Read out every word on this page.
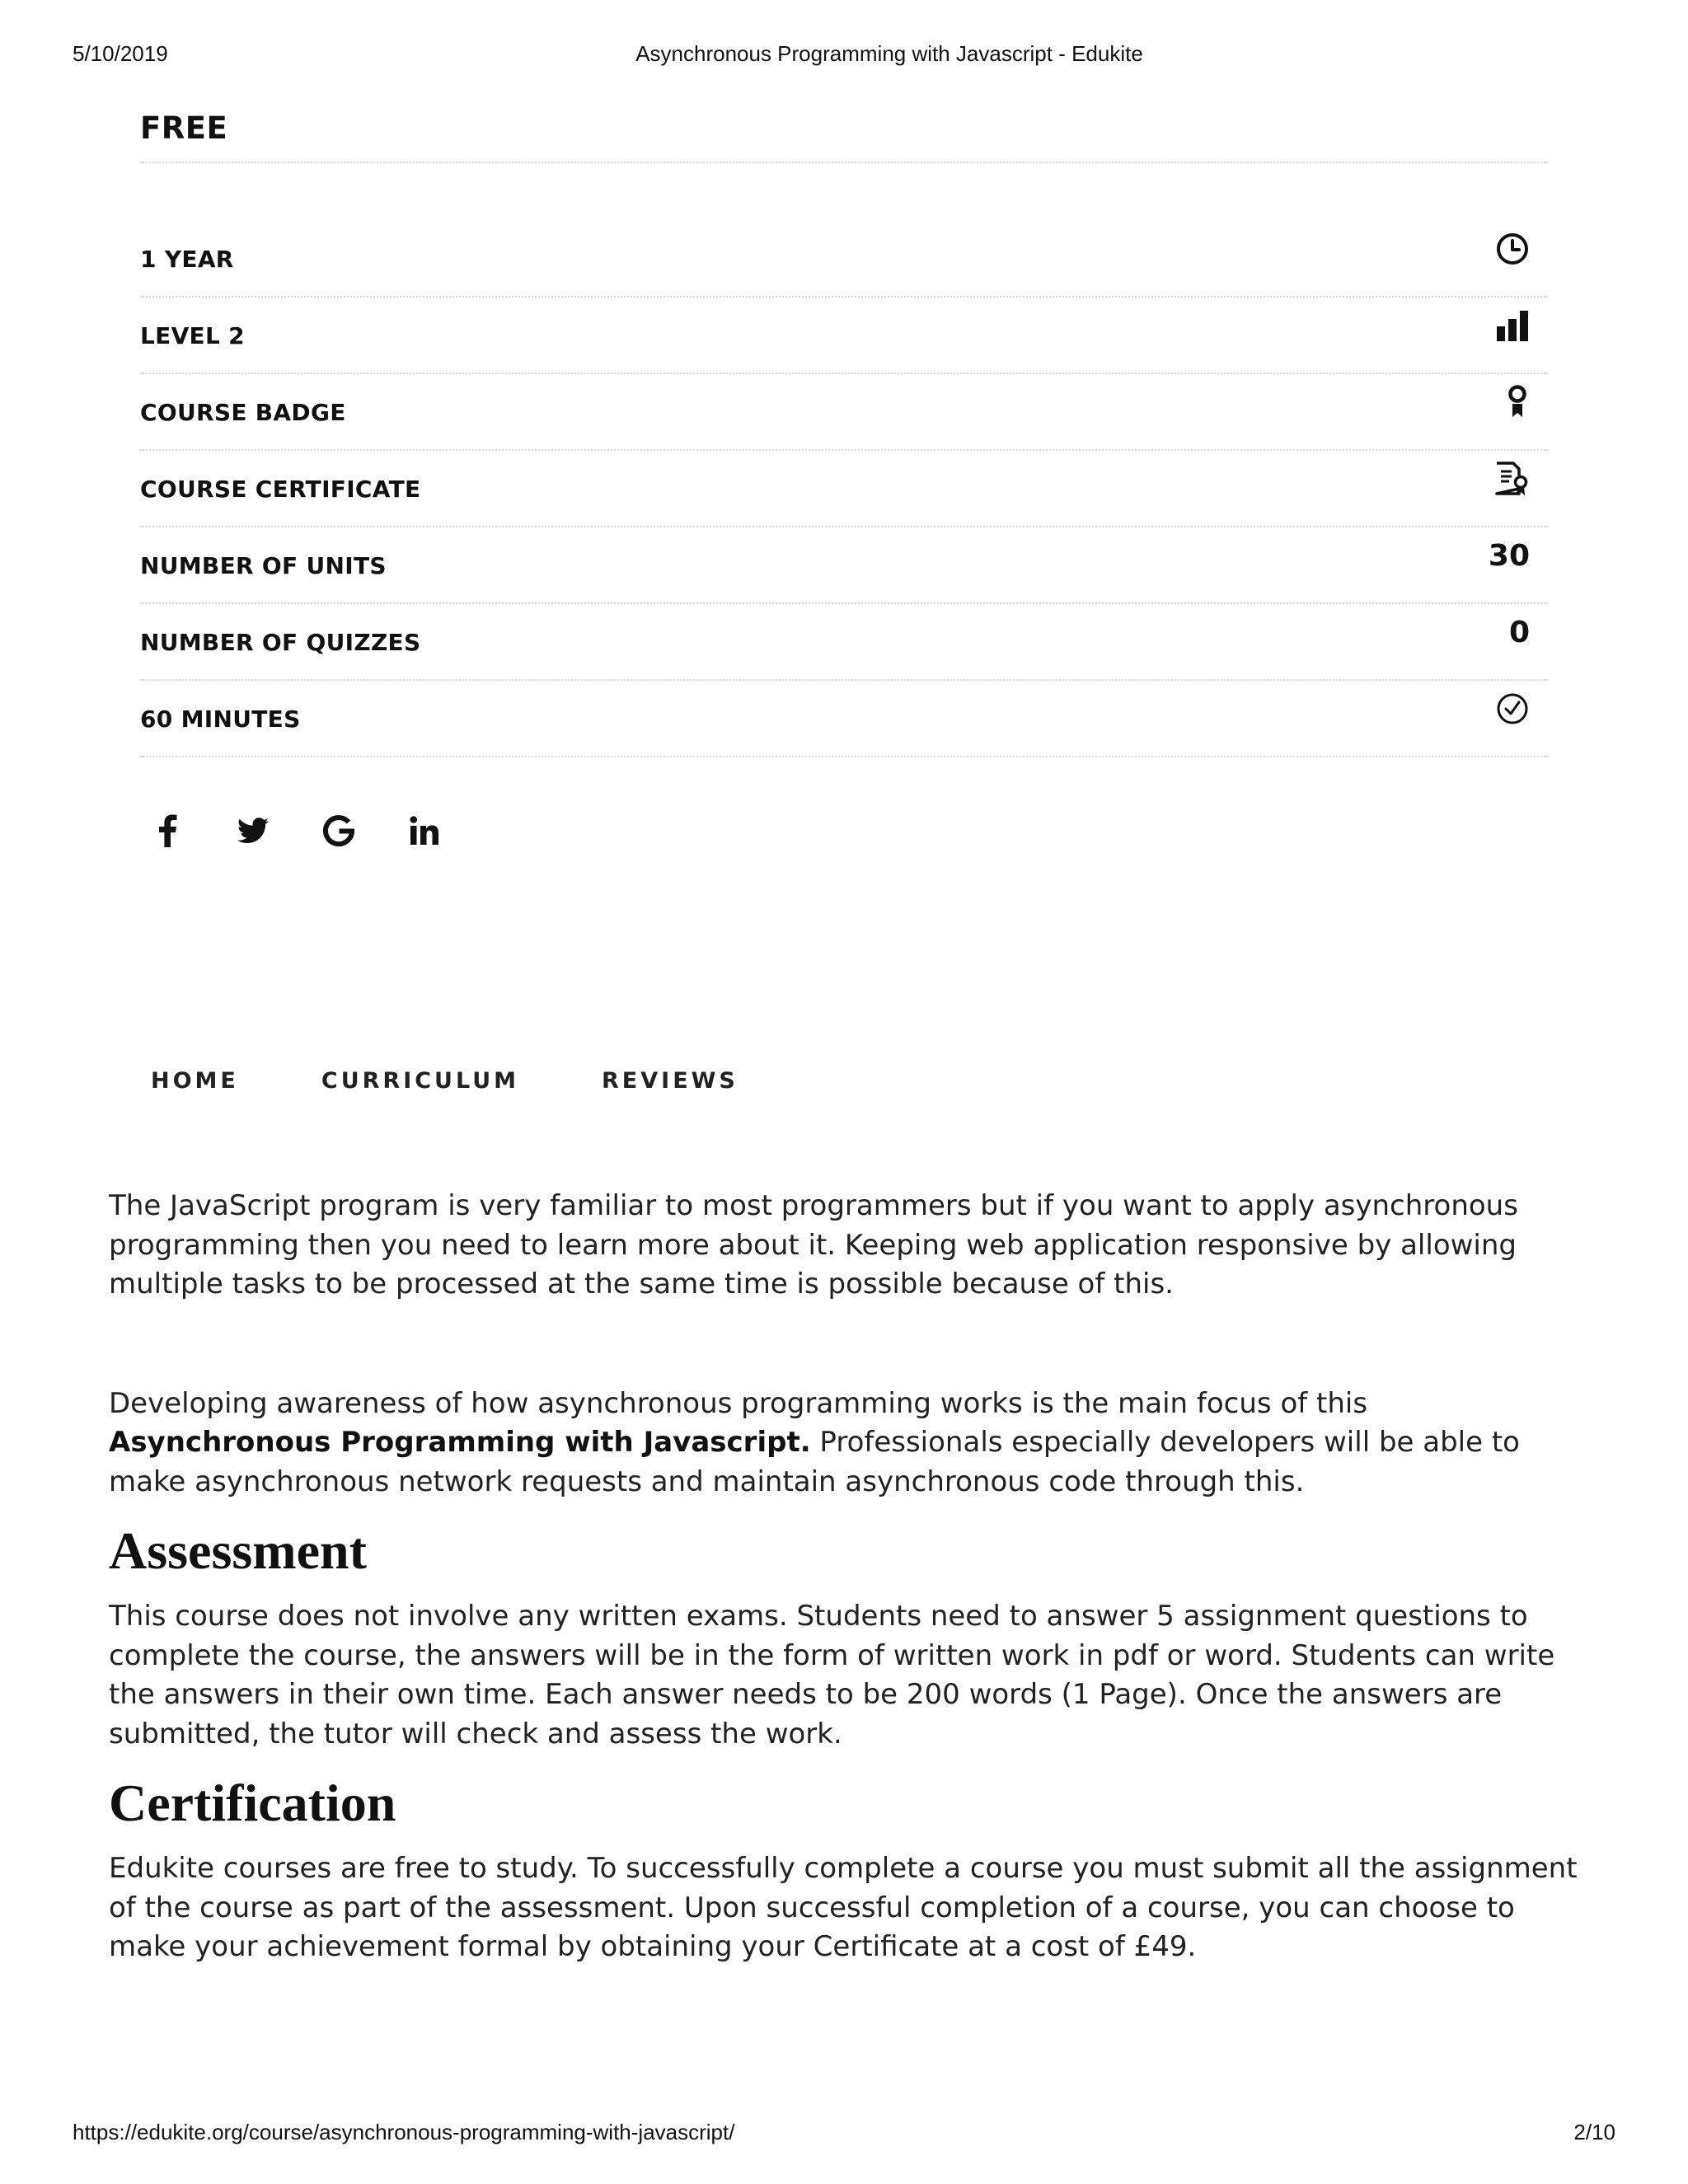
5/10/2019	Asynchronous Programming with Javascript - Edukite
FREE
1 YEAR
LEVEL 2
COURSE BADGE
COURSE CERTIFICATE
NUMBER OF UNITS	30
NUMBER OF QUIZZES	0
60 MINUTES
HOME	CURRICULUM	REVIEWS

The JavaScript program is very familiar to most programmers but if you want to apply asynchronous programming then you need to learn more about it. Keeping web application responsive by allowing multiple tasks to be processed at the same time is possible because of this.

Developing awareness of how asynchronous programming works is the main focus of this Asynchronous Programming with Javascript. Professionals especially developers will be able to make asynchronous network requests and maintain asynchronous code through this.

Assessment

This course does not involve any written exams. Students need to answer 5 assignment questions to complete the course, the answers will be in the form of written work in pdf or word. Students can write the answers in their own time. Each answer needs to be 200 words (1 Page). Once the answers are submitted, the tutor will check and assess the work.

Certification

Edukite courses are free to study. To successfully complete a course you must submit all the assignment of the course as part of the assessment. Upon successful completion of a course, you can choose to make your achievement formal by obtaining your Certificate at a cost of £49.

https://edukite.org/course/asynchronous-programming-with-javascript/	2/10
